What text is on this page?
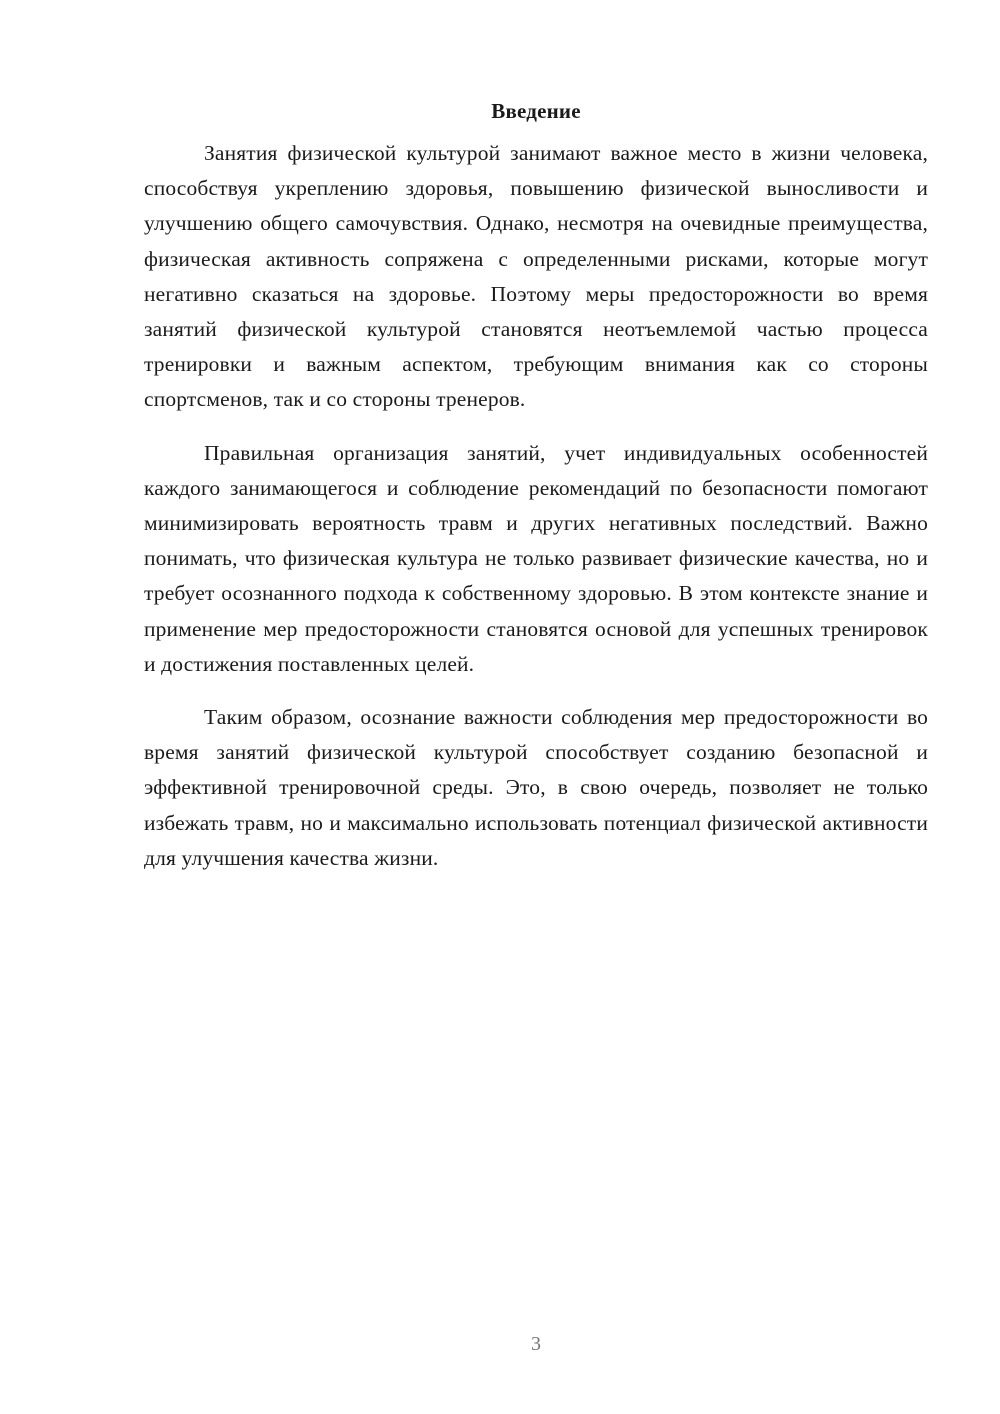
Введение

Занятия физической культурой занимают важное место в жизни человека, способствуя укреплению здоровья, повышению физической выносливости и улучшению общего самочувствия. Однако, несмотря на очевидные преимущества, физическая активность сопряжена с определенными рисками, которые могут негативно сказаться на здоровье. Поэтому меры предосторожности во время занятий физической культурой становятся неотъемлемой частью процесса тренировки и важным аспектом, требующим внимания как со стороны спортсменов, так и со стороны тренеров.

Правильная организация занятий, учет индивидуальных особенностей каждого занимающегося и соблюдение рекомендаций по безопасности помогают минимизировать вероятность травм и других негативных последствий. Важно понимать, что физическая культура не только развивает физические качества, но и требует осознанного подхода к собственному здоровью. В этом контексте знание и применение мер предосторожности становятся основой для успешных тренировок и достижения поставленных целей.

Таким образом, осознание важности соблюдения мер предосторожности во время занятий физической культурой способствует созданию безопасной и эффективной тренировочной среды. Это, в свою очередь, позволяет не только избежать травм, но и максимально использовать потенциал физической активности для улучшения качества жизни.

3
